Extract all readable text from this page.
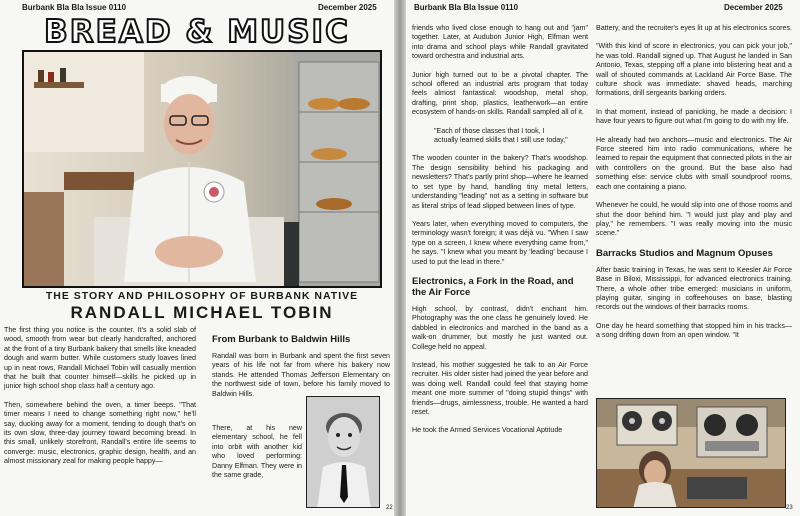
Burbank Bla Bla Issue 0110	December 2025
BREAD & MUSIC
THE STORY AND PHILOSOPHY OF BURBANK NATIVE
RANDALL MICHAEL TOBIN

The first thing you notice is the counter. It's a solid slab of wood, smooth from wear but clearly handcrafted, anchored at the front of a tiny Burbank bakery that smells like kneaded dough and warm butter. While customers study loaves lined up in neat rows, Randall Michael Tobin will casually mention that he built that counter himself—skills he picked up in junior high school shop class half a century ago.

Then, somewhere behind the oven, a timer beeps. "That timer means I need to change something right now," he'll say, ducking away for a moment, tending to dough that's on its own slow, three-day journey toward becoming bread. In this small, unlikely storefront, Randall's entire life seems to converge: music, electronics, graphic design, health, and an almost missionary zeal for making people happy—

From Burbank to Baldwin Hills

Randall was born in Burbank and spent the first seven years of his life not far from where his bakery now stands. He attended Thomas Jefferson Elementary on the northwest side of town, before his family moved to Baldwin Hills.

There, at his new elementary school, he fell into orbit with another kid who loved performing: Danny Elfman. They were in the same grade,

22
Burbank Bla Bla Issue 0110	December 2025

friends who lived close enough to hang out and "jam" together. Later, at Audubon Junior High, Elfman went into drama and school plays while Randall gravitated toward orchestra and industrial arts.

Junior high turned out to be a pivotal chapter. The school offered an industrial arts program that today feels almost fantastical: woodshop, metal shop, drafting, print shop, plastics, leatherwork—an entire ecosystem of hands-on skills. Randall sampled all of it.

"Each of those classes that I took, I actually learned skills that I still use today,"

The wooden counter in the bakery? That's woodshop. The design sensibility behind his packaging and newsletters? That's partly print shop—where he learned to set type by hand, handling tiny metal letters, understanding "leading" not as a setting in software but as literal strips of lead slipped between lines of type.

Years later, when everything moved to computers, the terminology wasn't foreign; it was déjà vu. "When I saw type on a screen, I knew where everything came from," he says. "I knew what you meant by 'leading' because I used to put the lead in there."

Electronics, a Fork in the Road, and the Air Force

High school, by contrast, didn't enchant him. Photography was the one class he genuinely loved. He dabbled in electronics and marched in the band as a walk-on drummer, but mostly he just wanted out. College held no appeal.

Instead, his mother suggested he talk to an Air Force recruiter. His older sister had joined the year before and was doing well. Randall could feel that staying home meant one more summer of "doing stupid things" with friends—drugs, aimlessness, trouble. He wanted a hard reset.

He took the Armed Services Vocational Aptitude

Battery, and the recruiter's eyes lit up at his electronics scores.

"With this kind of score in electronics, you can pick your job," he was told. Randall signed up. That August he landed in San Antonio, Texas, stepping off a plane into blistering heat and a wall of shouted commands at Lackland Air Force Base. The culture shock was immediate: shaved heads, marching formations, drill sergeants barking orders.

In that moment, instead of panicking, he made a decision: I have four years to figure out what I'm going to do with my life.

He already had two anchors—music and electronics. The Air Force steered him into radio communications, where he learned to repair the equipment that connected pilots in the air with controllers on the ground. But the base also had something else: service clubs with small soundproof rooms, each one containing a piano.

Whenever he could, he would slip into one of those rooms and shut the door behind him. "I would just play and play and play," he remembers. "I was really moving into the music scene."

Barracks Studios and Magnum Opuses

After basic training in Texas, he was sent to Keesler Air Force Base in Biloxi, Mississippi, for advanced electronics training. There, a whole other tribe emerged: musicians in uniform, playing guitar, singing in coffeehouses on base, blasting records out the windows of their barracks rooms.

One day he heard something that stopped him in his tracks—a song drifting down from an open window. "It

23
